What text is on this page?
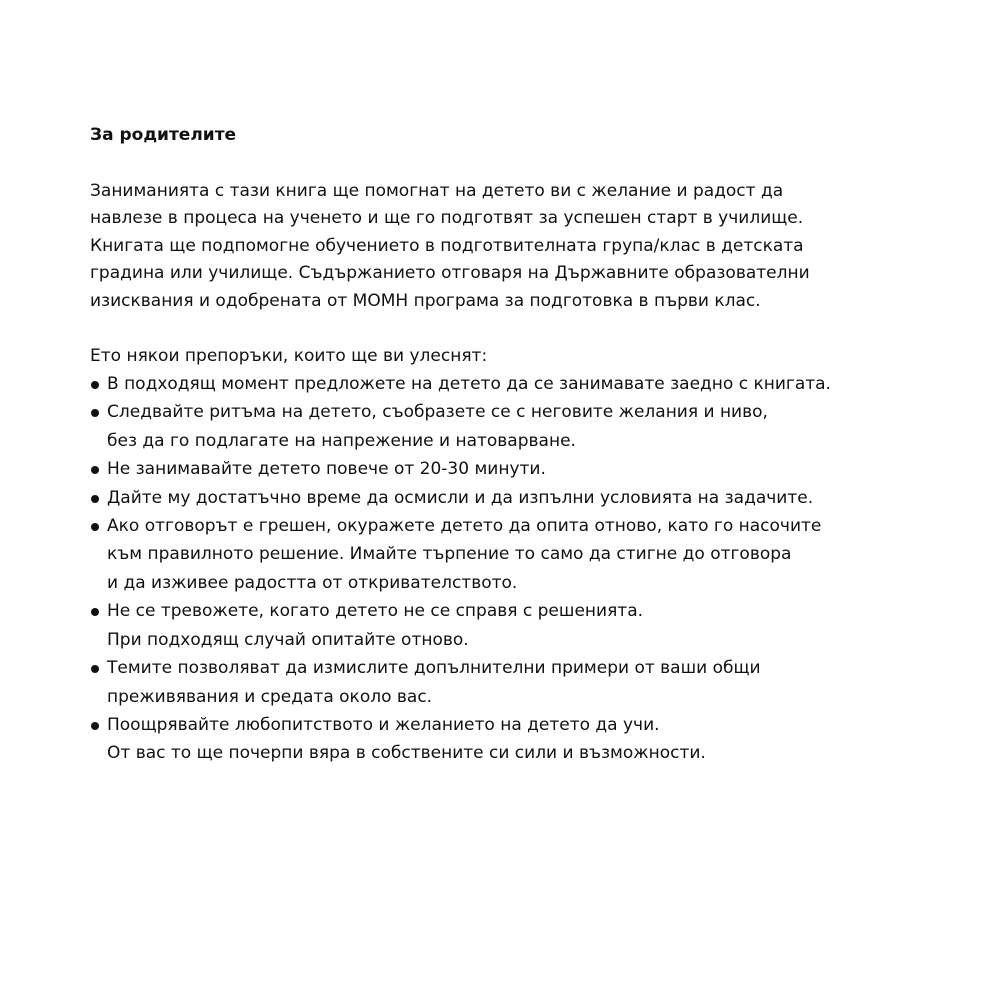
За родителите
Заниманията с тази книга ще помогнат на детето ви с желание и радост да
навлезе в процеса на ученето и ще го подготвят за успешен старт в училище.
Книгата ще подпомогне обучението в подготвителната група/клас в детската
градина или училище. Съдържанието отговаря на Държавните образователни
изисквания и одобрената от МОМН програма за подготовка в първи клас.
Ето някои препоръки, които ще ви улеснят:
В подходящ момент предложете на детето да се занимавате заедно с книгата.
Следвайте ритъма на детето, съобразете се с неговите желания и ниво,
без да го подлагате на напрежение и натоварване.
Не занимавайте детето повече от 20-30 минути.
Дайте му достатъчно време да осмисли и да изпълни условията на задачите.
Ако отговорът е грешен, окуражете детето да опита отново, като го насочите
към правилното решение. Имайте търпение то само да стигне до отговора
и да изживее радостта от откривателството.
Не се тревожете, когато детето не се справя с решенията.
При подходящ случай опитайте отново.
Темите позволяват да измислите допълнителни примери от ваши общи
преживявания и средата около вас.
Поощрявайте любопитството и желанието на детето да учи.
От вас то ще почерпи вяра в собствените си сили и възможности.
